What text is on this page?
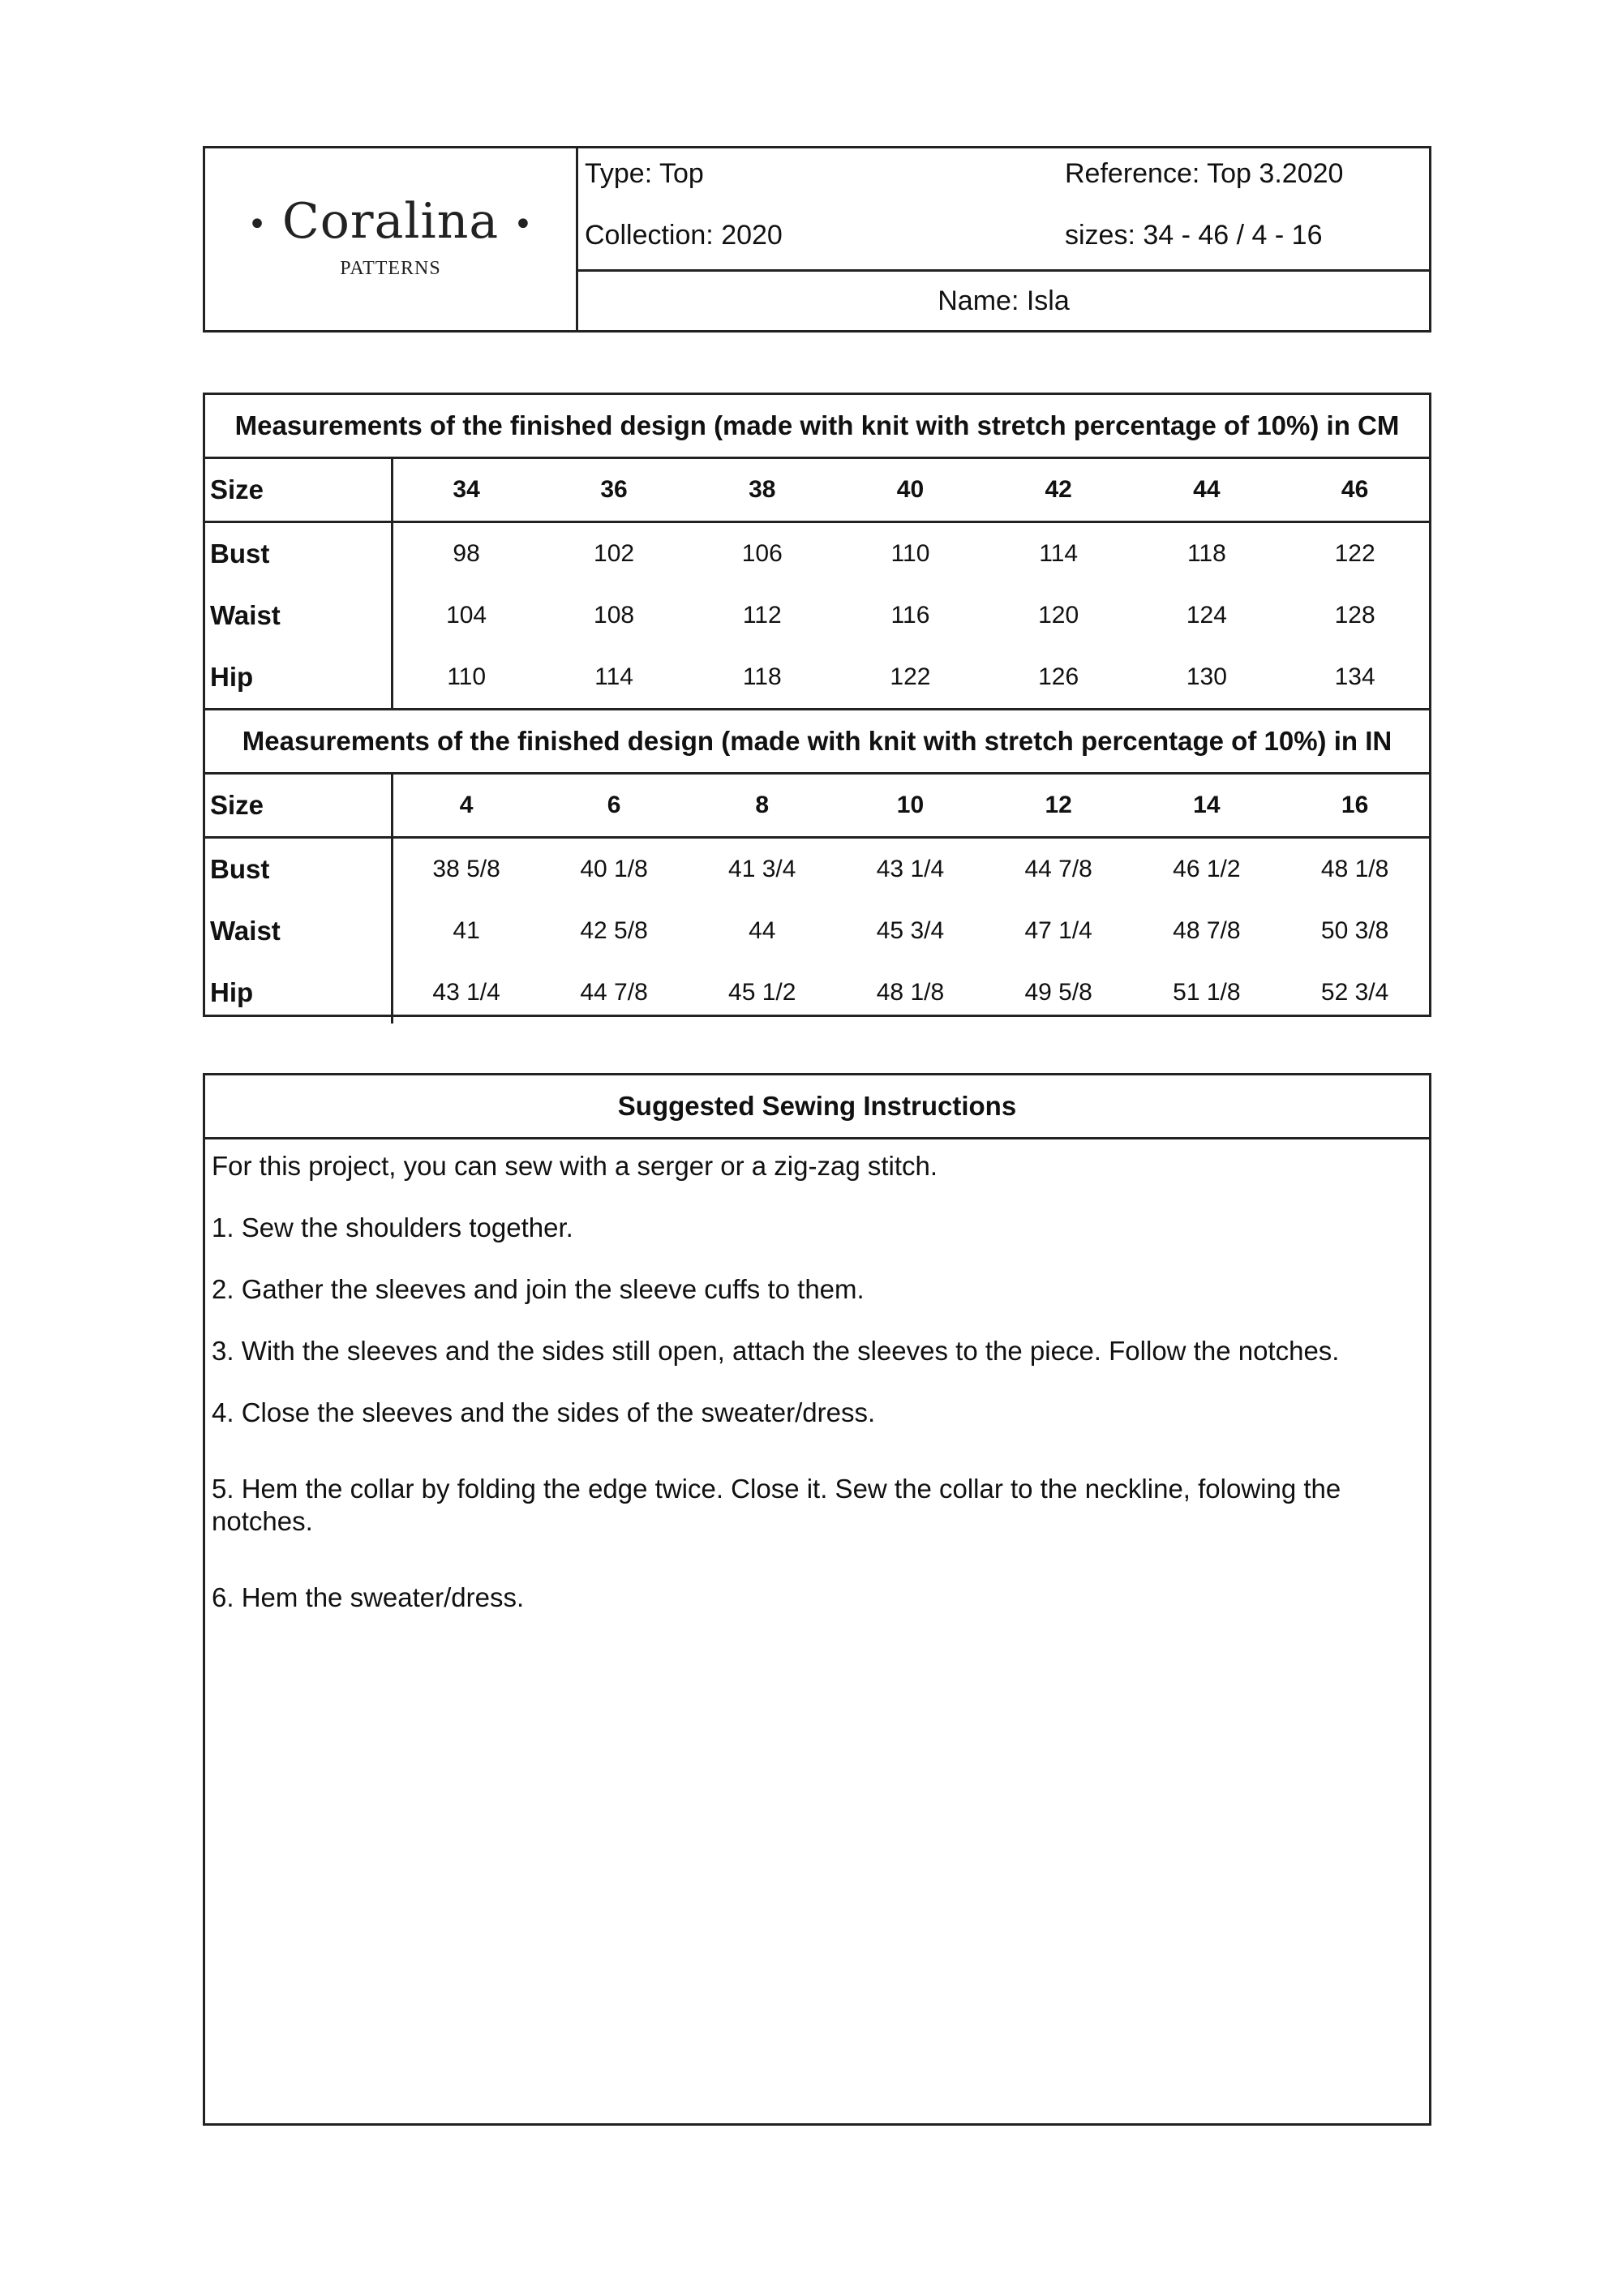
• Coralina •
PATTERNS
Type: Top
Collection: 2020
Reference: Top 3.2020
sizes: 34 - 46 / 4 - 16
Name: Isla
Measurements of the finished design (made with knit with stretch percentage of 10%) in CM							
Size	34	36	38	40	42	44	46
Bust	98	102	106	110	114	118	122
Waist	104	108	112	116	120	124	128
Hip	110	114	118	122	126	130	134
Measurements of the finished design (made with knit with stretch percentage of 10%) in IN							
Size	4	6	8	10	12	14	16
Bust	38 5/8	40 1/8	41 3/4	43 1/4	44 7/8	46 1/2	48 1/8
Waist	41	42 5/8	44	45 3/4	47 1/4	48 7/8	50 3/8
Hip	43 1/4	44 7/8	45 1/2	48 1/8	49 5/8	51 1/8	52 3/4
Suggested Sewing Instructions
For this project, you can sew with a serger or a zig-zag stitch.
1. Sew the shoulders together.
2. Gather the sleeves and join the sleeve cuffs to them.
3. With the sleeves and the sides still open, attach the sleeves to the piece. Follow the notches.
4. Close the sleeves and the sides of the sweater/dress.
5. Hem the collar by folding the edge twice. Close it. Sew the collar to the neckline, folowing the notches.
6. Hem the sweater/dress.
